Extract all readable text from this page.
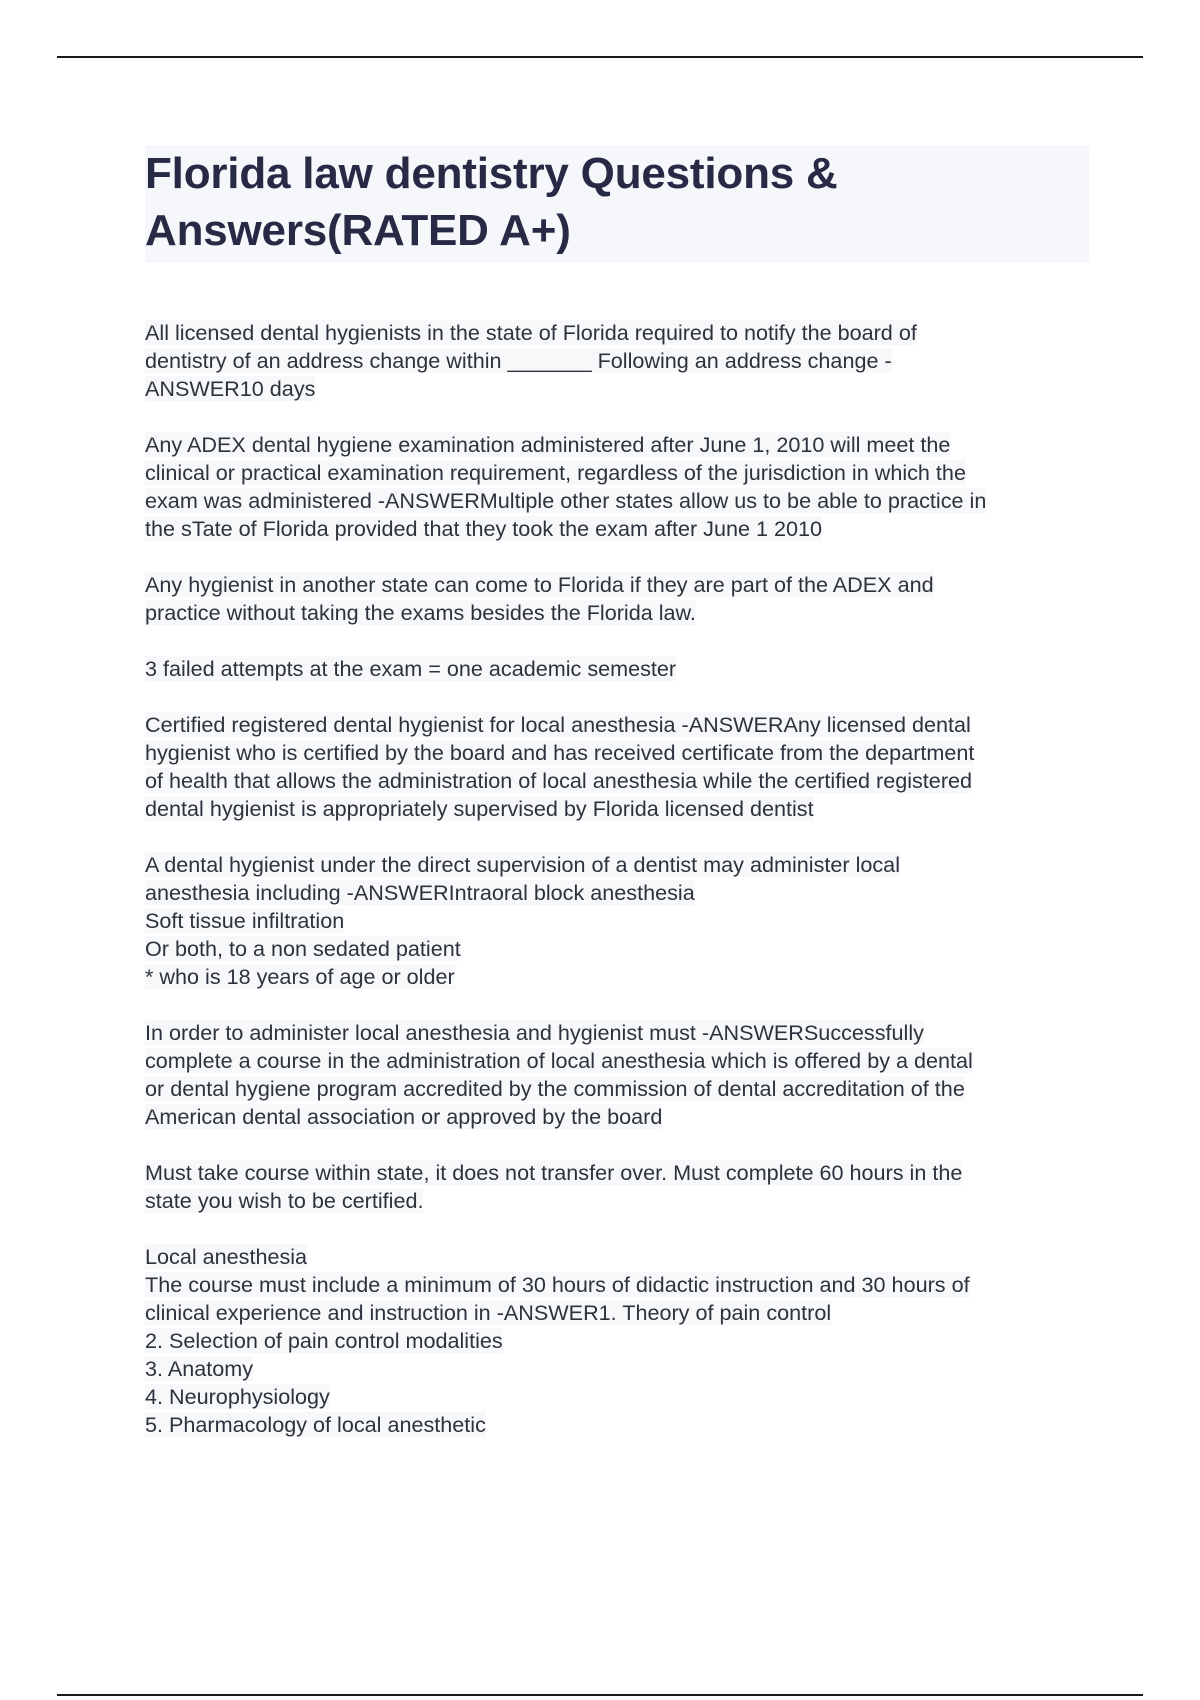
Florida law dentistry Questions &
Answers(RATED A+)
All licensed dental hygienists in the state of Florida required to notify the board of
dentistry of an address change within _______ Following an address change -
ANSWER10 days
Any ADEX dental hygiene examination administered after June 1, 2010 will meet the
clinical or practical examination requirement, regardless of the jurisdiction in which the
exam was administered -ANSWERMultiple other states allow us to be able to practice in
the sTate of Florida provided that they took the exam after June 1 2010
Any hygienist in another state can come to Florida if they are part of the ADEX and
practice without taking the exams besides the Florida law.
3 failed attempts at the exam = one academic semester
Certified registered dental hygienist for local anesthesia -ANSWERAny licensed dental
hygienist who is certified by the board and has received certificate from the department
of health that allows the administration of local anesthesia while the certified registered
dental hygienist is appropriately supervised by Florida licensed dentist
A dental hygienist under the direct supervision of a dentist may administer local
anesthesia including -ANSWERIntraoral block anesthesia
Soft tissue infiltration
Or both, to a non sedated patient
* who is 18 years of age or older
In order to administer local anesthesia and hygienist must -ANSWERSuccessfully
complete a course in the administration of local anesthesia which is offered by a dental
or dental hygiene program accredited by the commission of dental accreditation of the
American dental association or approved by the board
Must take course within state, it does not transfer over. Must complete 60 hours in the
state you wish to be certified.
Local anesthesia
The course must include a minimum of 30 hours of didactic instruction and 30 hours of
clinical experience and instruction in -ANSWER1. Theory of pain control
2. Selection of pain control modalities
3. Anatomy
4. Neurophysiology
5. Pharmacology of local anesthetic
